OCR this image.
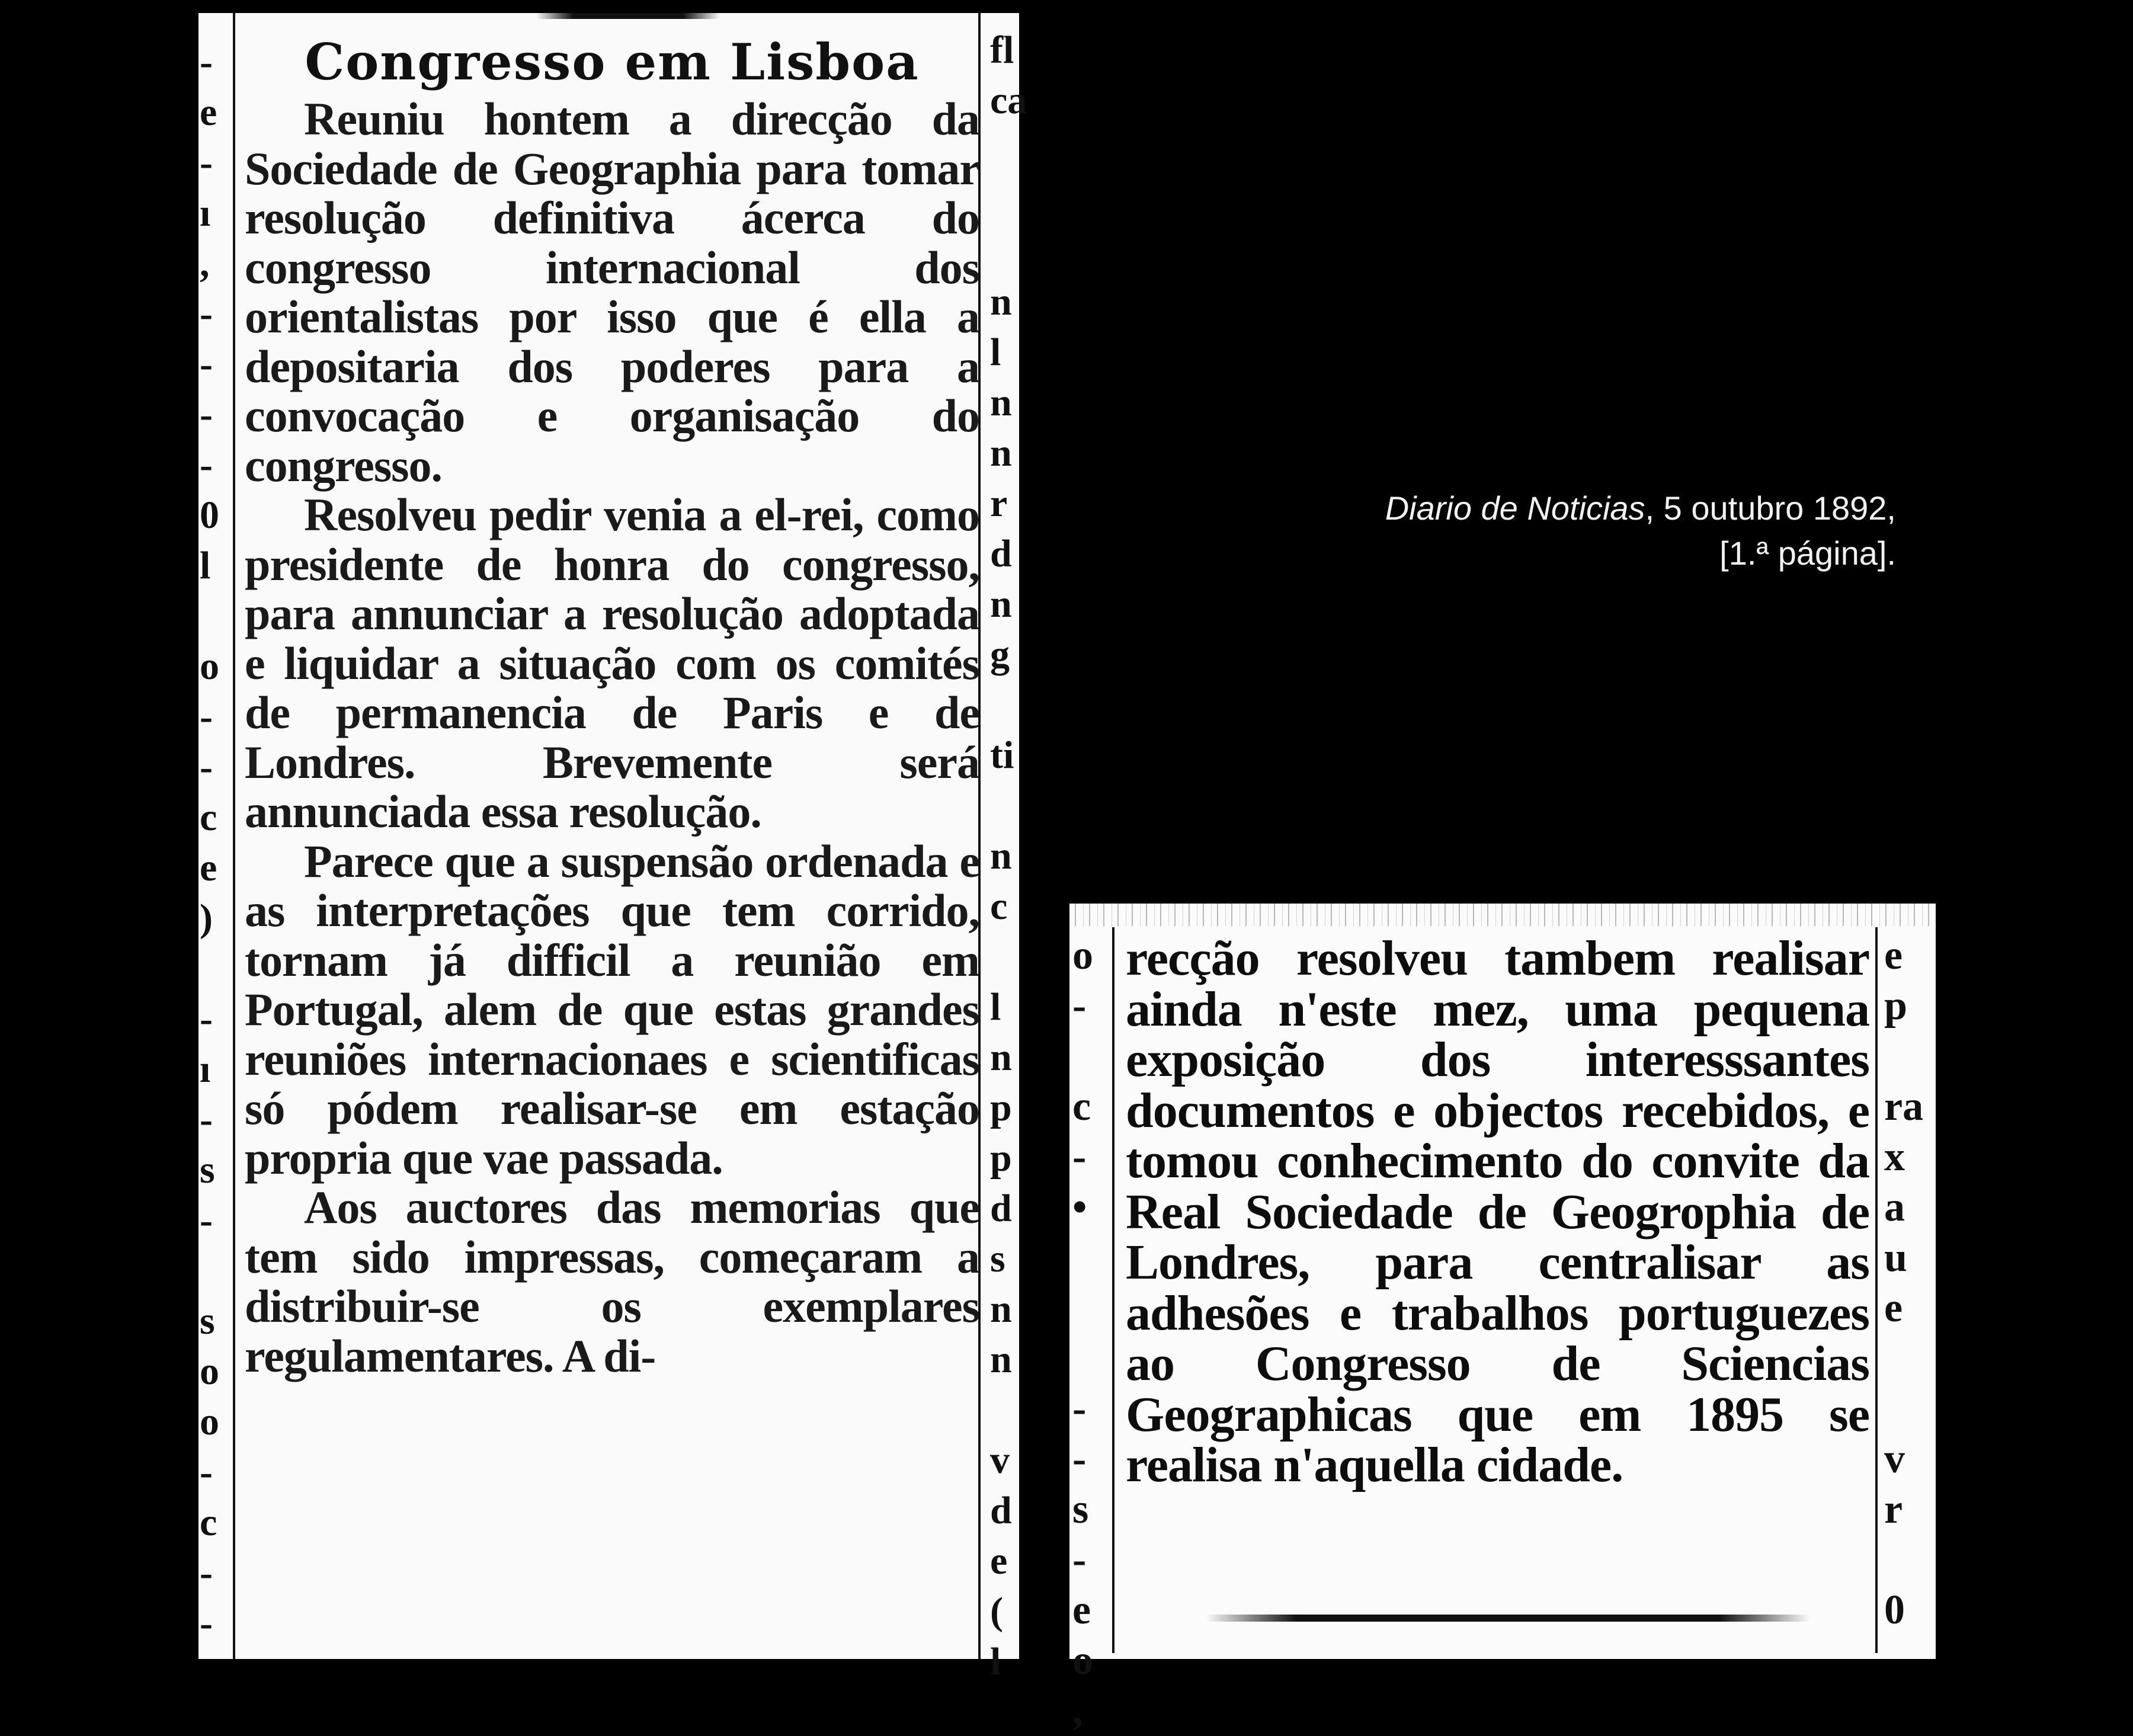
-
e
-
ı
,
-
-
-
-
0
l

o
-
-
c
e
)

-
ı
-
s
-

s
o
o
-
c
-
-
fl
ca

n
l
n
n
r
d
n
g

ti

n
c

l
n
p
p
d
s
n
n

v
d
e
(
l
Congresso em Lisboa

Reuniu hontem a direcção da Sociedade de Geographia para tomar resolução definitiva ácerca do congresso internacional dos orientalistas por isso que é ella a depositaria dos poderes para a convocação e organisação do congresso.

Resolveu pedir venia a el-rei, como presidente de honra do congresso, para annunciar a resolução adoptada e liquidar a situação com os comités de permanencia de Paris e de Londres. Brevemente será annunciada essa resolução.

Parece que a suspensão ordenada e as interpretações que tem corrido, tornam já difficil a reunião em Portugal, alem de que estas grandes reuniões internacionaes e scientificas só pódem realisar-se em estação propria que vae passada.

Aos auctores das memorias que tem sido impressas, começaram a distribuir-se os exemplares regulamentares. A di-

Diario de Noticias, 5 outubro 1892,
[1.ª página].
o
-

c
-
•

-
-
s
-
e
o
,
e
p

ra
x
a
u
e

v
r

0

recção resolveu tambem realisar ainda n'este mez, uma pequena exposição dos interesssantes documentos e objectos recebidos, e tomou conhecimento do convite da Real Sociedade de Geogrophia de Londres, para centralisar as adhesões e trabalhos portuguezes ao Congresso de Sciencias Geographicas que em 1895 se realisa n'aquella cidade.
